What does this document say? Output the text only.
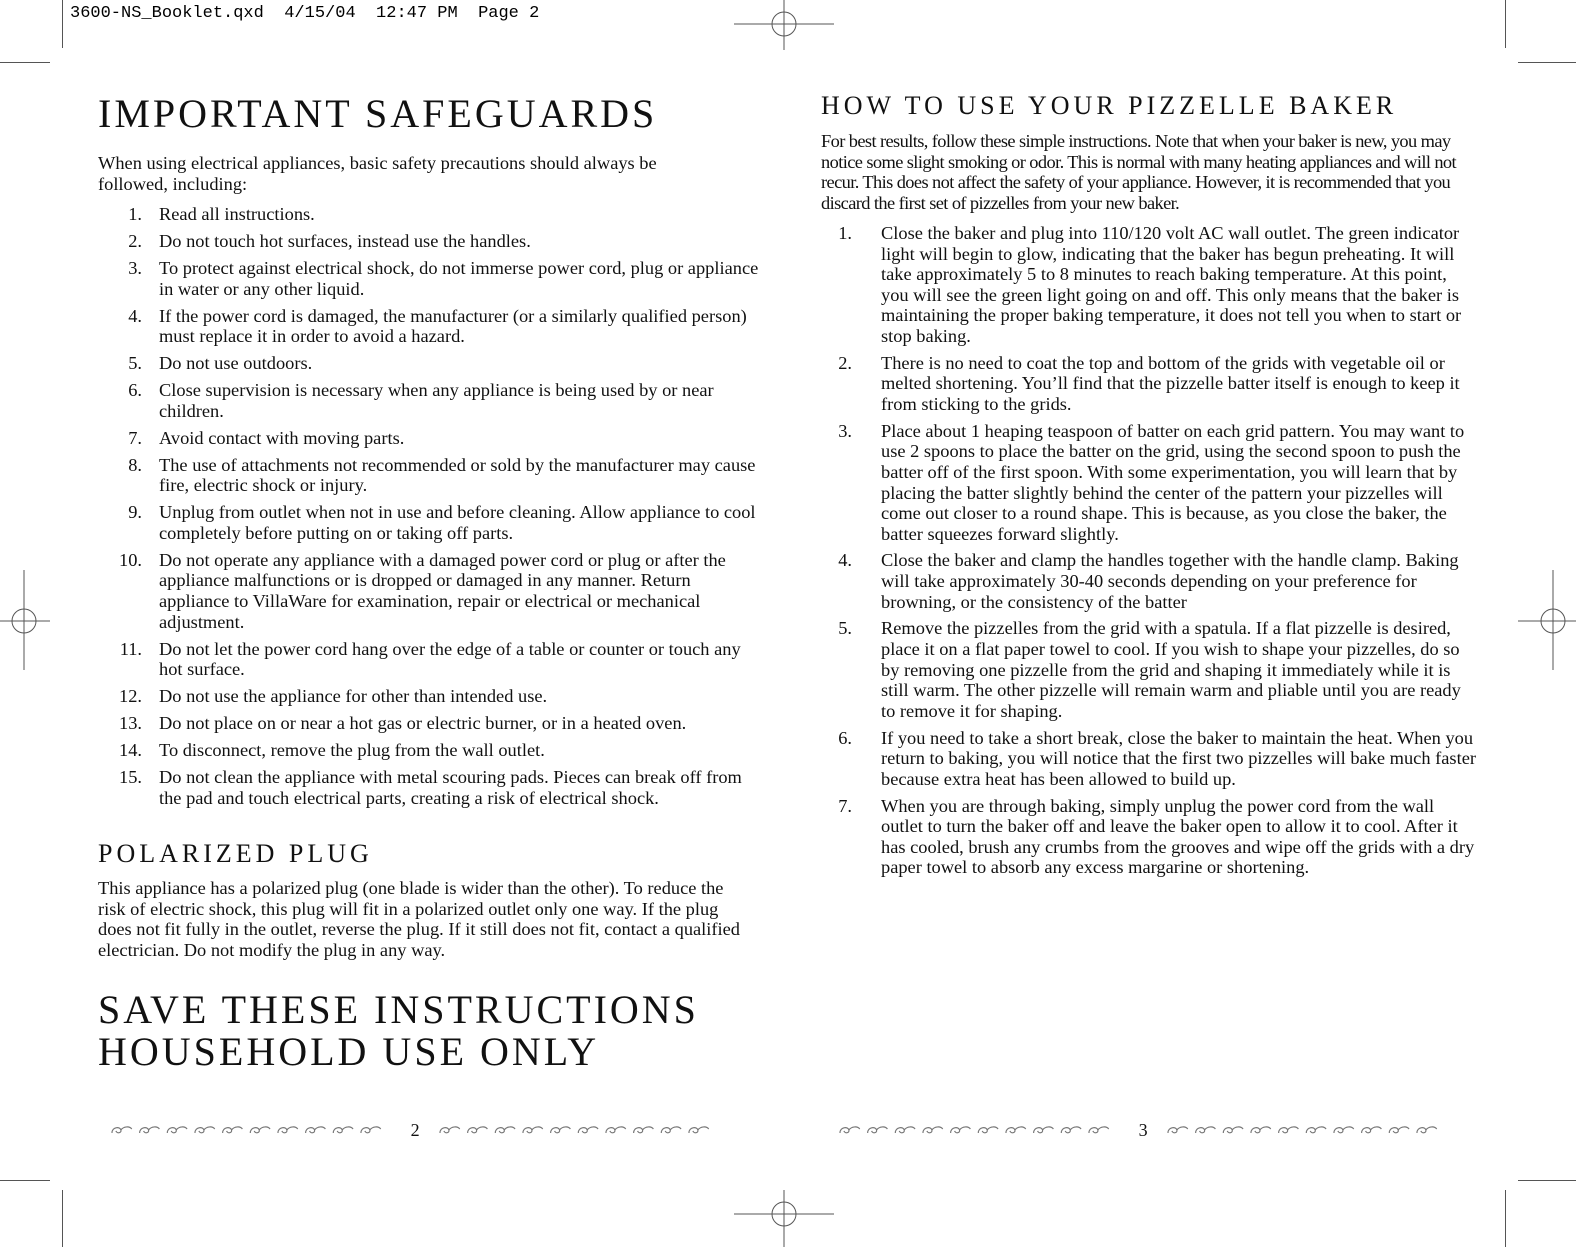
3600-NS_Booklet.qxd  4/15/04  12:47 PM  Page 2
IMPORTANT SAFEGUARDS

When using electrical appliances, basic safety precautions should always be followed, including:

1. Read all instructions.
2. Do not touch hot surfaces, instead use the handles.
3. To protect against electrical shock, do not immerse power cord, plug or appliance in water or any other liquid.
4. If the power cord is damaged, the manufacturer (or a similarly qualified person) must replace it in order to avoid a hazard.
5. Do not use outdoors.
6. Close supervision is necessary when any appliance is being used by or near children.
7. Avoid contact with moving parts.
8. The use of attachments not recommended or sold by the manufacturer may cause fire, electric shock or injury.
9. Unplug from outlet when not in use and before cleaning. Allow appliance to cool completely before putting on or taking off parts.
10. Do not operate any appliance with a damaged power cord or plug or after the appliance malfunctions or is dropped or damaged in any manner. Return appliance to VillaWare for examination, repair or electrical or mechanical adjustment.
11. Do not let the power cord hang over the edge of a table or counter or touch any hot surface.
12. Do not use the appliance for other than intended use.
13. Do not place on or near a hot gas or electric burner, or in a heated oven.
14. To disconnect, remove the plug from the wall outlet.
15. Do not clean the appliance with metal scouring pads. Pieces can break off from the pad and touch electrical parts, creating a risk of electrical shock.
POLARIZED PLUG

This appliance has a polarized plug (one blade is wider than the other). To reduce the risk of electric shock, this plug will fit in a polarized outlet only one way. If the plug does not fit fully in the outlet, reverse the plug. If it still does not fit, contact a qualified electrician. Do not modify the plug in any way.

SAVE THESE INSTRUCTIONS
HOUSEHOLD USE ONLY
2
HOW TO USE YOUR PIZZELLE BAKER

For best results, follow these simple instructions. Note that when your baker is new, you may notice some slight smoking or odor. This is normal with many heating appliances and will not recur. This does not affect the safety of your appliance. However, it is recommended that you discard the first set of pizzelles from your new baker.

1. Close the baker and plug into 110/120 volt AC wall outlet. The green indicator light will begin to glow, indicating that the baker has begun preheating. It will take approximately 5 to 8 minutes to reach baking temperature. At this point, you will see the green light going on and off. This only means that the baker is maintaining the proper baking temperature, it does not tell you when to start or stop baking.
2. There is no need to coat the top and bottom of the grids with vegetable oil or melted shortening. You’ll find that the pizzelle batter itself is enough to keep it from sticking to the grids.
3. Place about 1 heaping teaspoon of batter on each grid pattern. You may want to use 2 spoons to place the batter on the grid, using the second spoon to push the batter off of the first spoon. With some experimentation, you will learn that by placing the batter slightly behind the center of the pattern your pizzelles will come out closer to a round shape. This is because, as you close the baker, the batter squeezes forward slightly.
4. Close the baker and clamp the handles together with the handle clamp. Baking will take approximately 30-40 seconds depending on your preference for browning, or the consistency of the batter
5. Remove the pizzelles from the grid with a spatula. If a flat pizzelle is desired, place it on a flat paper towel to cool. If you wish to shape your pizzelles, do so by removing one pizzelle from the grid and shaping it immediately while it is still warm. The other pizzelle will remain warm and pliable until you are ready to remove it for shaping.
6. If you need to take a short break, close the baker to maintain the heat. When you return to baking, you will notice that the first two pizzelles will bake much faster because extra heat has been allowed to build up.
7. When you are through baking, simply unplug the power cord from the wall outlet to turn the baker off and leave the baker open to allow it to cool. After it has cooled, brush any crumbs from the grooves and wipe off the grids with a dry paper towel to absorb any excess margarine or shortening.
3
